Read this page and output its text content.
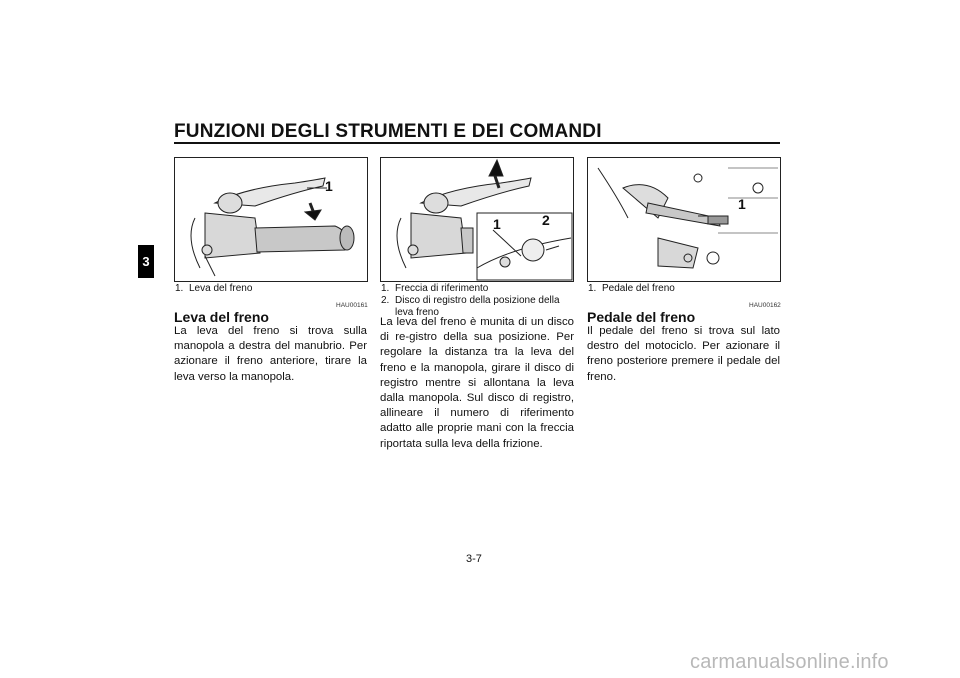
FUNZIONI DEGLI STRUMENTI E DEI COMANDI
3
1
1	2
1
1. Leva del freno	1. Freccia di riferimento
2. Disco di registro della posizione della leva freno
1. Pedale del freno
HAU00161	HAU00162
Leva del freno	Pedale del freno
La leva del freno si trova sulla manopola a destra del manubrio. Per azionare il freno anteriore, tirare la leva verso la manopola.
La leva del freno è munita di un disco di re-gistro della sua posizione. Per regolare la distanza tra la leva del freno e la manopola, girare il disco di registro mentre si allontana la leva dalla manopola. Sul disco di registro, allineare il numero di riferimento adatto alle proprie mani con la freccia riportata sulla leva della frizione.
Il pedale del freno si trova sul lato destro del motociclo. Per azionare il freno posteriore premere il pedale del freno.
3-7
carmanualsonline.info
